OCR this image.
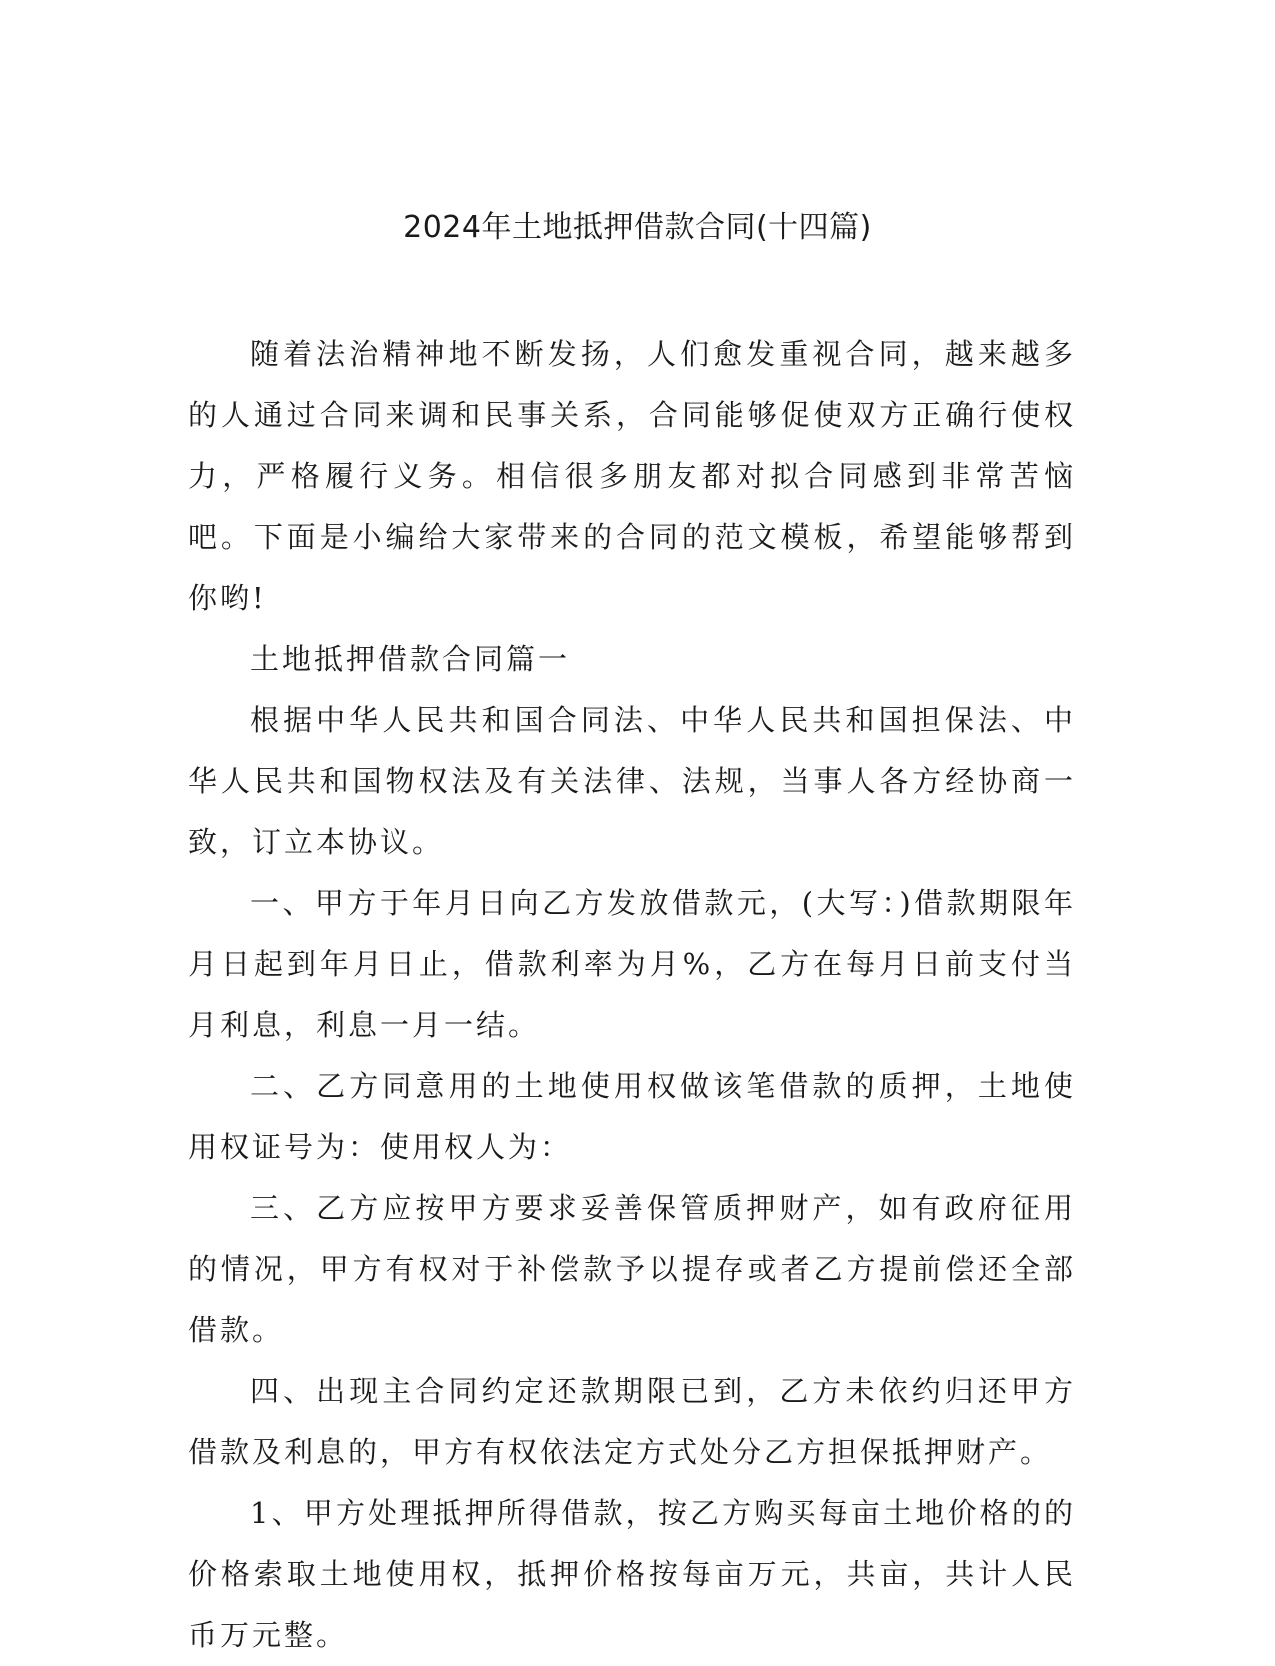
2024年土地抵押借款合同(十四篇)

随着法治精神地不断发扬，人们愈发重视合同，越来越多的人通过合同来调和民事关系，合同能够促使双方正确行使权力，严格履行义务。相信很多朋友都对拟合同感到非常苦恼吧。下面是小编给大家带来的合同的范文模板，希望能够帮到你哟!

土地抵押借款合同篇一

根据中华人民共和国合同法、中华人民共和国担保法、中华人民共和国物权法及有关法律、法规，当事人各方经协商一致，订立本协议。

一、甲方于年月日向乙方发放借款元，(大写：)借款期限年月日起到年月日止，借款利率为月%，乙方在每月日前支付当月利息，利息一月一结。

二、乙方同意用的土地使用权做该笔借款的质押，土地使用权证号为：使用权人为：

三、乙方应按甲方要求妥善保管质押财产，如有政府征用的情况，甲方有权对于补偿款予以提存或者乙方提前偿还全部借款。

四、出现主合同约定还款期限已到，乙方未依约归还甲方借款及利息的，甲方有权依法定方式处分乙方担保抵押财产。

1、甲方处理抵押所得借款，按乙方购买每亩土地价格的的价格索取土地使用权，抵押价格按每亩万元，共亩，共计人民币万元整。
